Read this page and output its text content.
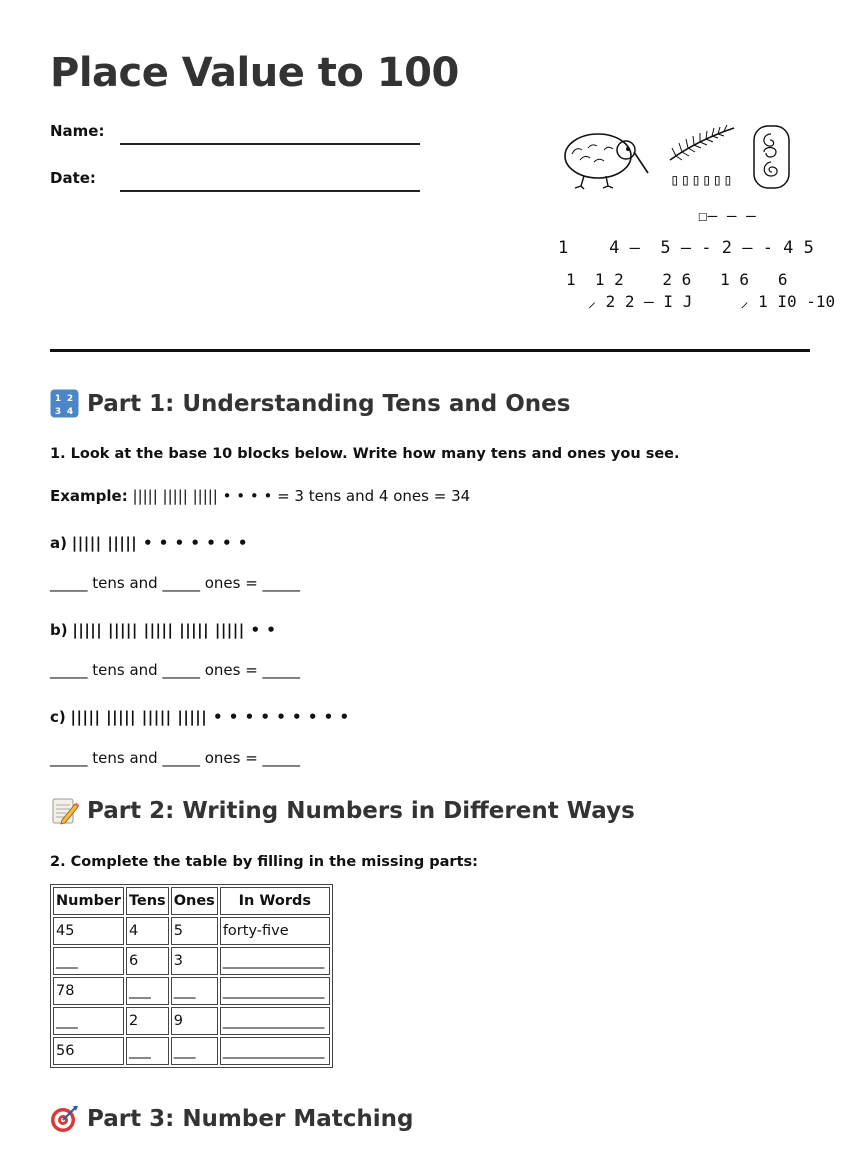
Place Value to 100
Name:
Date:	▯▯▯▯▯▯
☐– – –
1    4 –  5 – - 2 – - 4 5
1  1 2    2 6   1 6   6
⸝ 2 2 – I J     ⸝ 1 I0 -10
1 2
3 4 Part 1: Understanding Tens and Ones
1. Look at the base 10 blocks below. Write how many tens and ones you see.
Example: ||||| ||||| ||||| • • • • = 3 tens and 4 ones = 34
a) ||||| ||||| • • • • • • •
_____ tens and _____ ones = _____
b) ||||| ||||| ||||| ||||| ||||| • •
_____ tens and _____ ones = _____
c) ||||| ||||| ||||| ||||| • • • • • • • • •
_____ tens and _____ ones = _____
Part 2: Writing Numbers in Different Ways
2. Complete the table by filling in the missing parts:
Number	Tens	Ones	In Words
45	4	5	forty-five
___	6	3	______________
78	___	___	______________
___	2	9	______________
56	___	___	______________
Part 3: Number Matching
